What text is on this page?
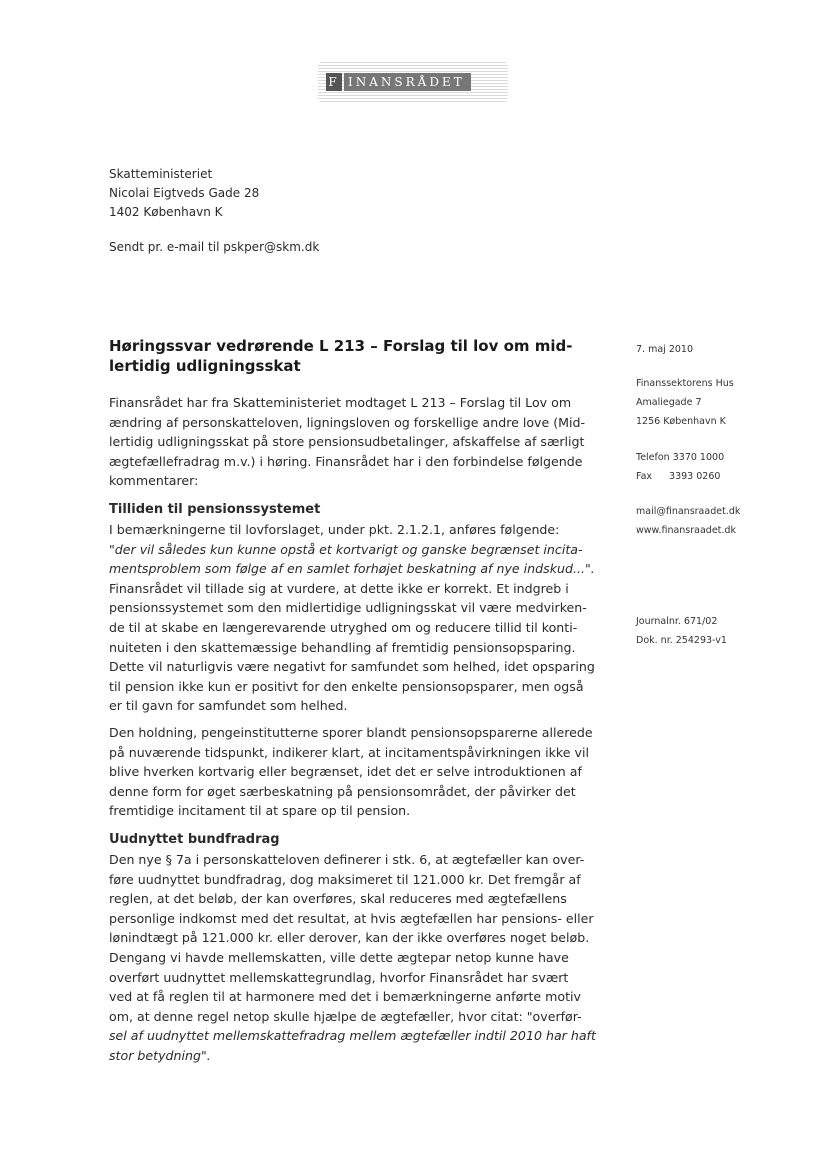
F INANSRÅDET
Skatteministeriet
Nicolai Eigtveds Gade 28
1402 København K
Sendt pr. e-mail til pskper@skm.dk
Høringssvar vedrørende L 213 – Forslag til lov om mid-
lertidig udligningsskat
Finansrådet har fra Skatteministeriet modtaget L 213 – Forslag til Lov om
ændring af personskatteloven, ligningsloven og forskellige andre love (Mid-
lertidig udligningsskat på store pensionsudbetalinger, afskaffelse af særligt
ægtefællefradrag m.v.) i høring. Finansrådet har i den forbindelse følgende
kommentarer:
Tilliden til pensionssystemet
I bemærkningerne til lovforslaget, under pkt. 2.1.2.1, anføres følgende:
"der vil således kun kunne opstå et kortvarigt og ganske begrænset incita-
mentsproblem som følge af en samlet forhøjet beskatning af nye indskud...".
Finansrådet vil tillade sig at vurdere, at dette ikke er korrekt. Et indgreb i
pensionssystemet som den midlertidige udligningsskat vil være medvirken-
de til at skabe en længerevarende utryghed om og reducere tillid til konti-
nuiteten i den skattemæssige behandling af fremtidig pensionsopsparing.
Dette vil naturligvis være negativt for samfundet som helhed, idet opsparing
til pension ikke kun er positivt for den enkelte pensionsopsparer, men også
er til gavn for samfundet som helhed.
Den holdning, pengeinstitutterne sporer blandt pensionsopsparerne allerede
på nuværende tidspunkt, indikerer klart, at incitamentspåvirkningen ikke vil
blive hverken kortvarig eller begrænset, idet det er selve introduktionen af
denne form for øget særbeskatning på pensionsområdet, der påvirker det
fremtidige incitament til at spare op til pension.
Uudnyttet bundfradrag
Den nye § 7a i personskatteloven definerer i stk. 6, at ægtefæller kan over-
føre uudnyttet bundfradrag, dog maksimeret til 121.000 kr. Det fremgår af
reglen, at det beløb, der kan overføres, skal reduceres med ægtefællens
personlige indkomst med det resultat, at hvis ægtefællen har pensions- eller
lønindtægt på 121.000 kr. eller derover, kan der ikke overføres noget beløb.
Dengang vi havde mellemskatten, ville dette ægtepar netop kunne have
overført uudnyttet mellemskattegrundlag, hvorfor Finansrådet har svært
ved at få reglen til at harmonere med det i bemærkningerne anførte motiv
om, at denne regel netop skulle hjælpe de ægtefæller, hvor citat: "overfør-
sel af uudnyttet mellemskattefradrag mellem ægtefæller indtil 2010 har haft
stor betydning".
7. maj 2010
Finanssektorens Hus
Amaliegade 7
1256 København K
Telefon 3370 1000
Fax 3393 0260
mail@finansraadet.dk
www.finansraadet.dk
Journalnr. 671/02
Dok. nr. 254293-v1
